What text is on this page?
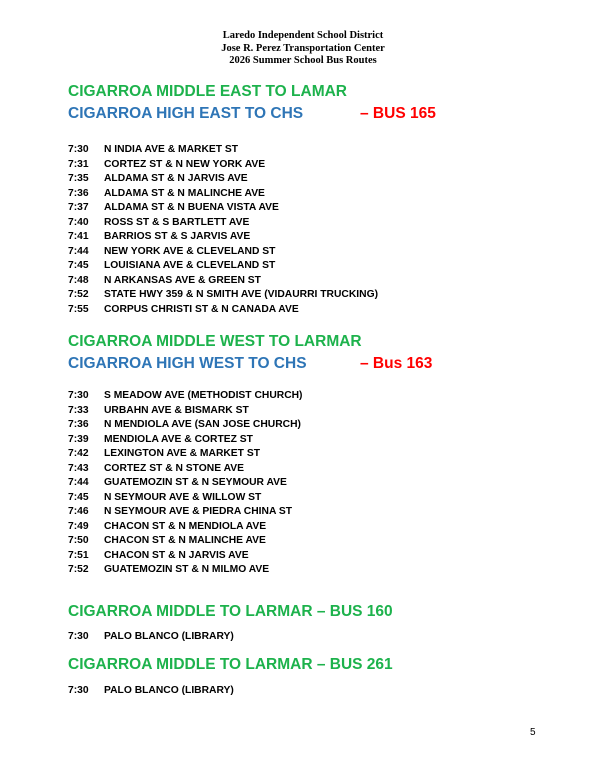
Laredo Independent School District
Jose R. Perez Transportation Center
2026 Summer School Bus Routes
CIGARROA MIDDLE EAST TO LAMAR
CIGARROA HIGH EAST TO CHS	– BUS 165
7:30	N INDIA AVE & MARKET ST
7:31	CORTEZ ST & N NEW YORK AVE
7:35	ALDAMA ST & N JARVIS AVE
7:36	ALDAMA ST & N MALINCHE AVE
7:37	ALDAMA ST & N BUENA VISTA AVE
7:40	ROSS ST & S BARTLETT AVE
7:41	BARRIOS ST & S JARVIS AVE
7:44	NEW YORK AVE & CLEVELAND ST
7:45	LOUISIANA AVE & CLEVELAND ST
7:48	N ARKANSAS AVE & GREEN ST
7:52	STATE HWY 359 & N SMITH AVE (VIDAURRI TRUCKING)
7:55	CORPUS CHRISTI ST & N CANADA AVE
CIGARROA MIDDLE WEST TO LARMAR
CIGARROA HIGH WEST TO CHS	– Bus 163
7:30	S MEADOW AVE (METHODIST CHURCH)
7:33	URBAHN AVE & BISMARK ST
7:36	N MENDIOLA AVE (SAN JOSE CHURCH)
7:39	MENDIOLA AVE & CORTEZ ST
7:42	LEXINGTON AVE & MARKET ST
7:43	CORTEZ ST & N STONE AVE
7:44	GUATEMOZIN ST & N SEYMOUR AVE
7:45	N SEYMOUR AVE & WILLOW ST
7:46	N SEYMOUR AVE & PIEDRA CHINA ST
7:49	CHACON ST & N MENDIOLA AVE
7:50	CHACON ST & N MALINCHE AVE
7:51	CHACON ST & N JARVIS AVE
7:52	GUATEMOZIN ST & N MILMO AVE
CIGARROA MIDDLE TO LARMAR – BUS 160
7:30	PALO BLANCO (LIBRARY)
CIGARROA MIDDLE TO LARMAR – BUS 261
7:30	PALO BLANCO (LIBRARY)
5
